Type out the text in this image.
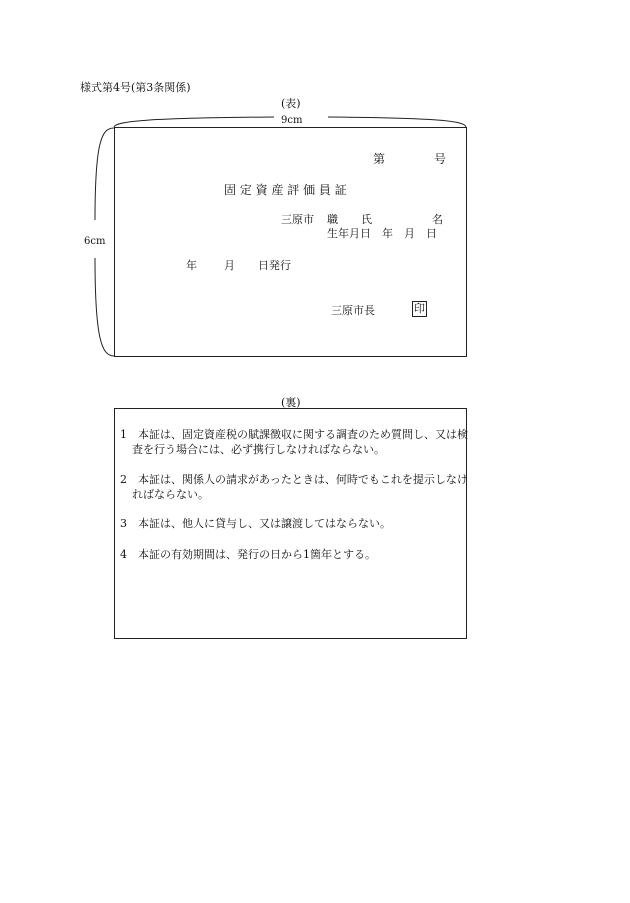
様式第4号(第3条関係)
(表)
9cm
6cm
第	号
固 定 資 産 評 価 員 証
三原市 職 氏	名
生年月日　年　月　日
年 月 日発行
三原市長	印
(裏)
1	本証は、固定資産税の賦課徴収に関する調査のため質問し、又は検査を行う場合には、必ず携行しなければならない。
2	本証は、関係人の請求があったときは、何時でもこれを提示しなければならない。
3	本証は、他人に貸与し、又は譲渡してはならない。
4	本証の有効期間は、発行の日から1箇年とする。
